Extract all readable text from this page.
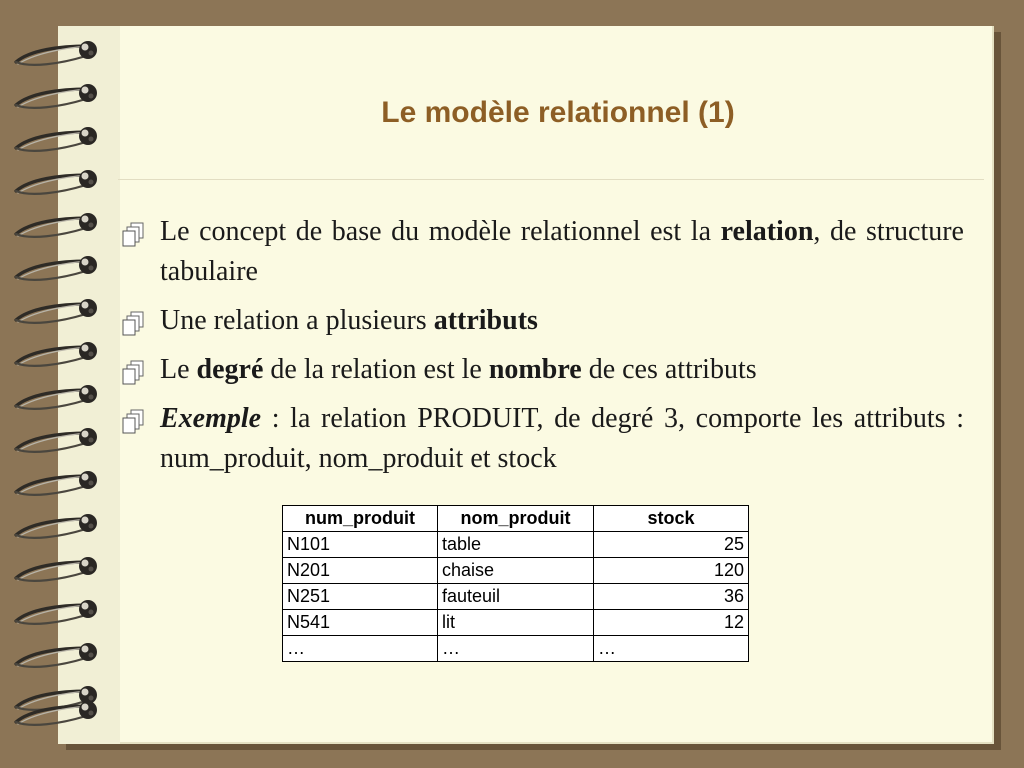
Le modèle relationnel (1)
Le concept de base du modèle relationnel est la relation, de structure tabulaire
Une relation a plusieurs attributs
Le degré de la relation est le nombre de ces attributs
Exemple : la relation PRODUIT, de degré 3, comporte les attributs : num_produit, nom_produit et stock
num_produit	nom_produit	stock
N101	table	25
N201	chaise	120
N251	fauteuil	36
N541	lit	12
…	…	…
